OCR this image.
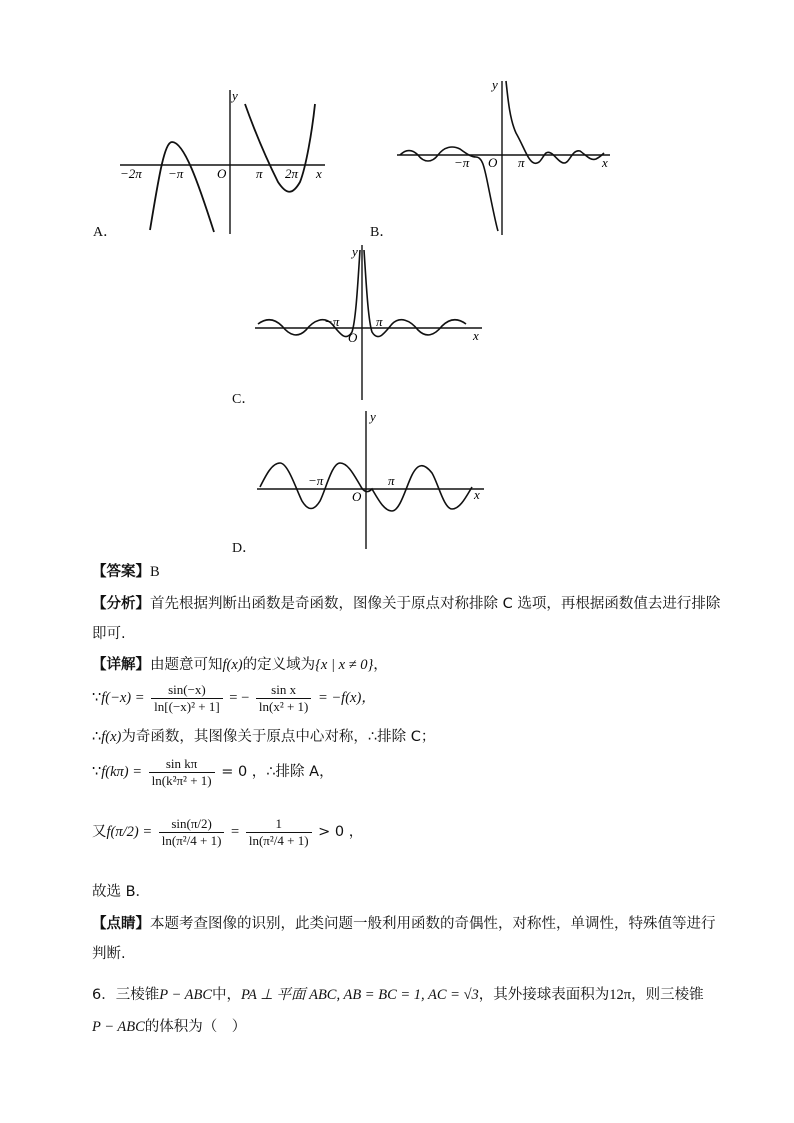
y
x
O
−2π −π	π 2π
A．
y
x
O
−π	π
B．
y
x
O
−π	π
C．
y
x
O
−π	π
D．
【答案】B
【分析】首先根据判断出函数是奇函数，图像关于原点对称排除 C 选项，再根据函数值去进行排除
即可.
【详解】由题意可知f(x)的定义域为{x | x ≠ 0}，
∵f(−x) = $\frac{\sin(-x)}{\text{ln[(−x)² + 1]}}$ = − $\frac{\text{sin x}}{\text{ln(x² + 1)}} = -f(x)$，
∴f(x)为奇函数，其图像关于原点中心对称，∴排除 C；
∵f(kπ) = $\frac{\text{sin kπ}}{\text{ln(k²π² + 1)}} = 0$ ，∴排除 A，
又$f(\pi/2) = \frac{\sin(\pi/2)}{\text{ln(π²/4 + 1)}} = \frac{1}{\text{ln(π²/4 + 1)}} > 0$ ，
故选 B．
【点睛】本题考查图像的识别，此类问题一般利用函数的奇偶性，对称性，单调性，特殊值等进行
判断.
6．三棱锥P − ABC中，PA ⊥ 平面 ABC, AB = BC = 1, AC = √3，其外接球表面积为12π，则三棱锥
P − ABC的体积为（　）
